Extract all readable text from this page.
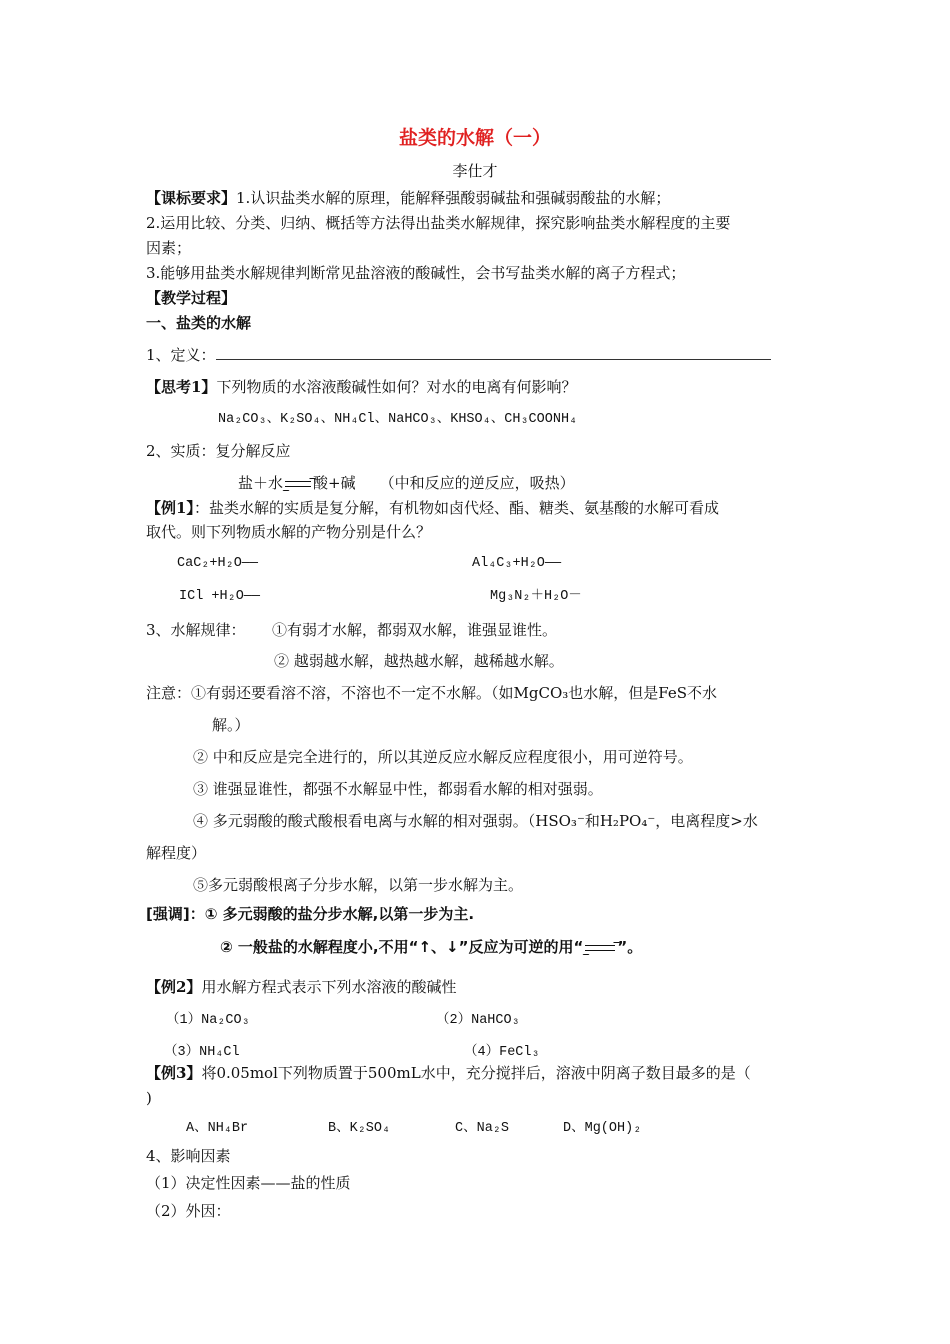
盐类的水解（一）
李仕才
【课标要求】1.认识盐类水解的原理，能解释强酸弱碱盐和强碱弱酸盐的水解；
2.运用比较、分类、归纳、概括等方法得出盐类水解规律，探究影响盐类水解程度的主要
因素；
3.能够用盐类水解规律判断常见盐溶液的酸碱性，会书写盐类水解的离子方程式；
【教学过程】
一、盐类的水解
1、定义：
【思考1】下列物质的水溶液酸碱性如何？对水的电离有何影响？
Na₂CO₃、K₂SO₄、NH₄Cl、NaHCO₃、KHSO₄、CH₃COONH₄
2、实质：复分解反应
盐＋水 → 酸+碱 （中和反应的逆反应，吸热）
【例1】：盐类水解的实质是复分解，有机物如卤代烃、酯、糖类、氨基酸的水解可看成
取代。则下列物质水解的产物分别是什么？
CaC₂+H₂O——	Al₄C₃+H₂O——
ICl +H₂O——	Mg₃N₂＋H₂O－
3、水解规律： ①有弱才水解，都弱双水解，谁强显谁性。
② 越弱越水解，越热越水解，越稀越水解。
注意：①有弱还要看溶不溶，不溶也不一定不水解。（如MgCO₃也水解，但是FeS不水
解。）
② 中和反应是完全进行的，所以其逆反应水解反应程度很小，用可逆符号。
③ 谁强显谁性，都强不水解显中性，都弱看水解的相对强弱。
④ 多元弱酸的酸式酸根看电离与水解的相对强弱。（HSO₃⁻和H₂PO₄⁻，电离程度>水
解程度）
⑤多元弱酸根离子分步水解，以第一步水解为主。
[强调]：① 多元弱酸的盐分步水解,以第一步为主.
② 一般盐的水解程度小,不用“↑、↓”反应为可逆的用“ → ”。
【例2】用水解方程式表示下列水溶液的酸碱性
（1）Na₂CO₃	（2）NaHCO₃
（3）NH₄Cl	（4）FeCl₃
【例3】将0.05mol下列物质置于500mL水中，充分搅拌后，溶液中阴离子数目最多的是（
)
A、NH₄Br	B、K₂SO₄	C、Na₂S	D、Mg(OH)₂
4、影响因素
（1）决定性因素——盐的性质
（2）外因：
